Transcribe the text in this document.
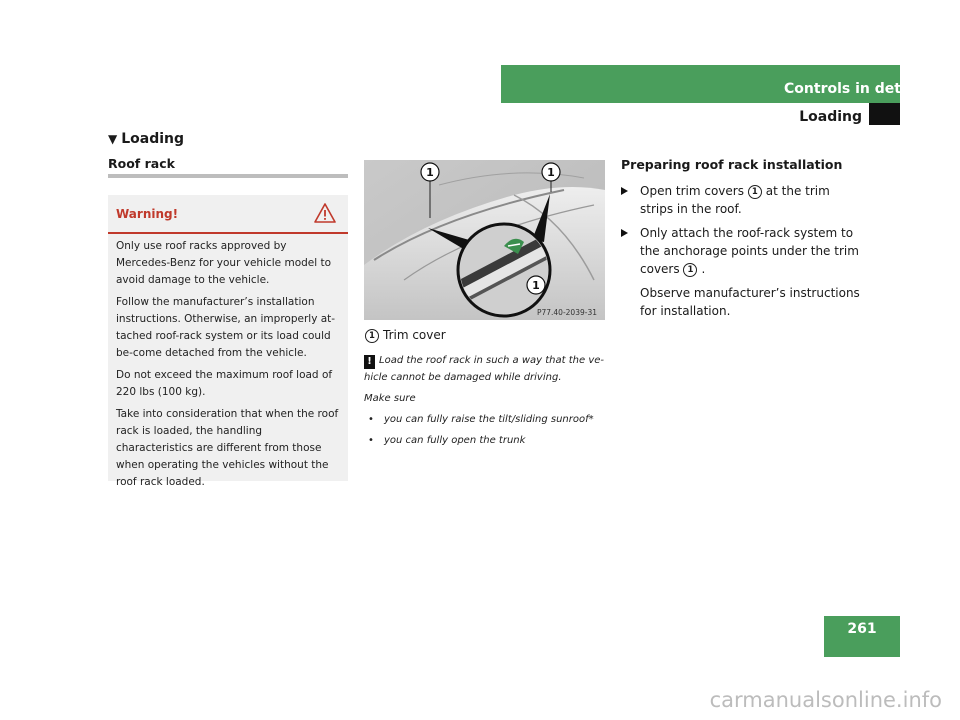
Controls in detail
Loading
▼ Loading
Roof rack
Warning!

Only use roof racks approved by Mercedes-Benz for your vehicle model to avoid damage to the vehicle.

Follow the manufacturer’s installation instructions. Otherwise, an improperly at-tached roof-rack system or its load could be-come detached from the vehicle.

Do not exceed the maximum roof load of 220 lbs (100 kg).

Take into consideration that when the roof rack is loaded, the handling characteristics are different from those when operating the vehicles without the roof rack loaded.

1	1
1
P77.40-2039-31
1 Trim cover

! Load the roof rack in such a way that the ve-hicle cannot be damaged while driving.

Make sure

• you can fully raise the tilt/sliding sunroof*

• you can fully open the trunk

Preparing roof rack installation
Open trim covers 1 at the trim strips in the roof.
Only attach the roof-rack system to the anchorage points under the trim covers 1 .
Observe manufacturer’s instructions for installation.
261
carmanualsonline.info
